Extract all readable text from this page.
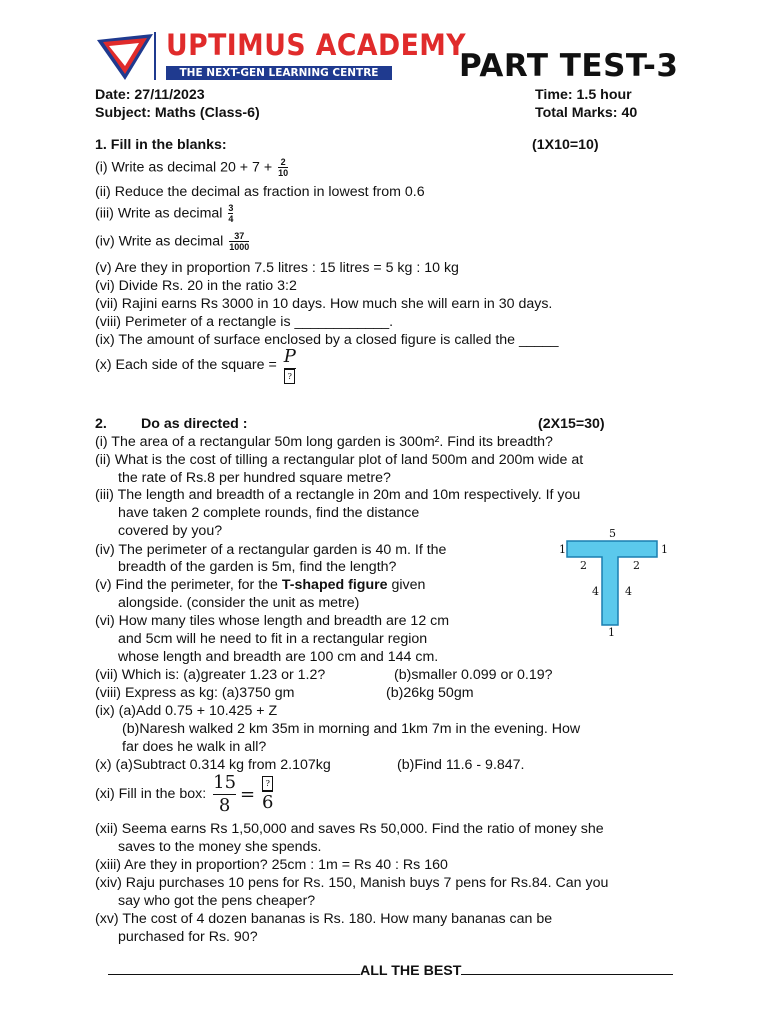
UPTIMUS ACADEMY
THE NEXT-GEN LEARNING CENTRE	PART TEST-3
Date: 27/11/2023	Time: 1.5 hour
Subject: Maths (Class-6)	Total Marks: 40
1. Fill in the blanks:	(1X10=10)
(i) Write as decimal $20 + 7 + \frac{2}{10}$
(ii) Reduce the decimal as fraction in lowest from 0.6
(iii) Write as decimal $\frac{3}{4}$
(iv) Write as decimal $\frac{37}{1000}$
(v) Are they in proportion 7.5 litres : 15 litres = 5 kg : 10 kg
(vi) Divide Rs. 20 in the ratio 3:2
(vii) Rajini earns Rs 3000 in 10 days. How much she will earn in 30 days.
(viii) Perimeter of a rectangle is ____________.
(ix) The amount of surface enclosed by a closed figure is called the _____
(x) Each side of the square = P
?
2. Do as directed :	(2X15=30)
(i) The area of a rectangular 50m long garden is 300m². Find its breadth?
(ii) What is the cost of tilling a rectangular plot of land 500m and 200m wide at
the rate of Rs.8 per hundred square metre?
(iii) The length and breadth of a rectangle in 20m and 10m respectively. If you
have taken 2 complete rounds, find the distance
covered by you?
(iv) The perimeter of a rectangular garden is 40 m. If the
breadth of the garden is 5m, find the length?
(v) Find the perimeter, for the T-shaped figure given
alongside. (consider the unit as metre)
(vi) How many tiles whose length and breadth are 12 cm
and 5cm will he need to fit in a rectangular region
whose length and breadth are 100 cm and 144 cm.
(vii) Which is: (a)greater 1.23 or 1.2?	(b)smaller 0.099 or 0.19?
(viii) Express as kg: (a)3750 gm	(b)26kg 50gm
(ix) (a)Add 0.75 + 10.425 + Z
(b)Naresh walked 2 km 35m in morning and 1km 7m in the evening. How
far does he walk in all?
(x) (a)Subtract 0.314 kg from 2.107kg	(b)Find 11.6 - 9.847.
(xi) Fill in the box: $\frac{15}{8}$ =
?
6
(xii) Seema earns Rs 1,50,000 and saves Rs 50,000. Find the ratio of money she
saves to the money she spends.
(xiii) Are they in proportion? 25cm : 1m = Rs 40 : Rs 160
(xiv) Raju purchases 10 pens for Rs. 150, Manish buys 7 pens for Rs.84. Can you
say who got the pens cheaper?
(xv) The cost of 4 dozen bananas is Rs. 180. How many bananas can be
purchased for Rs. 90?
5
1	1
2	2
4 4
1
ALL THE BEST
